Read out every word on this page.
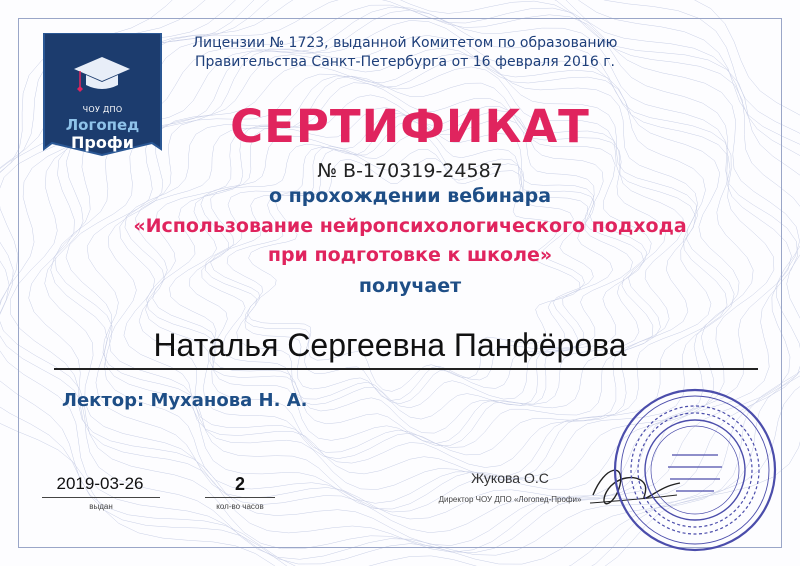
ЧОУ ДПО
Логопед
Профи
Лицензии № 1723, выданной Комитетом по образованию
Правительства Санкт-Петербурга от 16 февраля 2016 г.
СЕРТИФИКАТ
№ В-170319-24587
о прохождении вебинара
«Использование нейропсихологического подхода
при подготовке к школе»
получает
Наталья Сергеевна Панфёрова
Лектор: Муханова Н. А.
2019-03-26
выдан
2
кол-во часов
Жукова О.С
Директор ЧОУ ДПО «Логопед-Профи»
